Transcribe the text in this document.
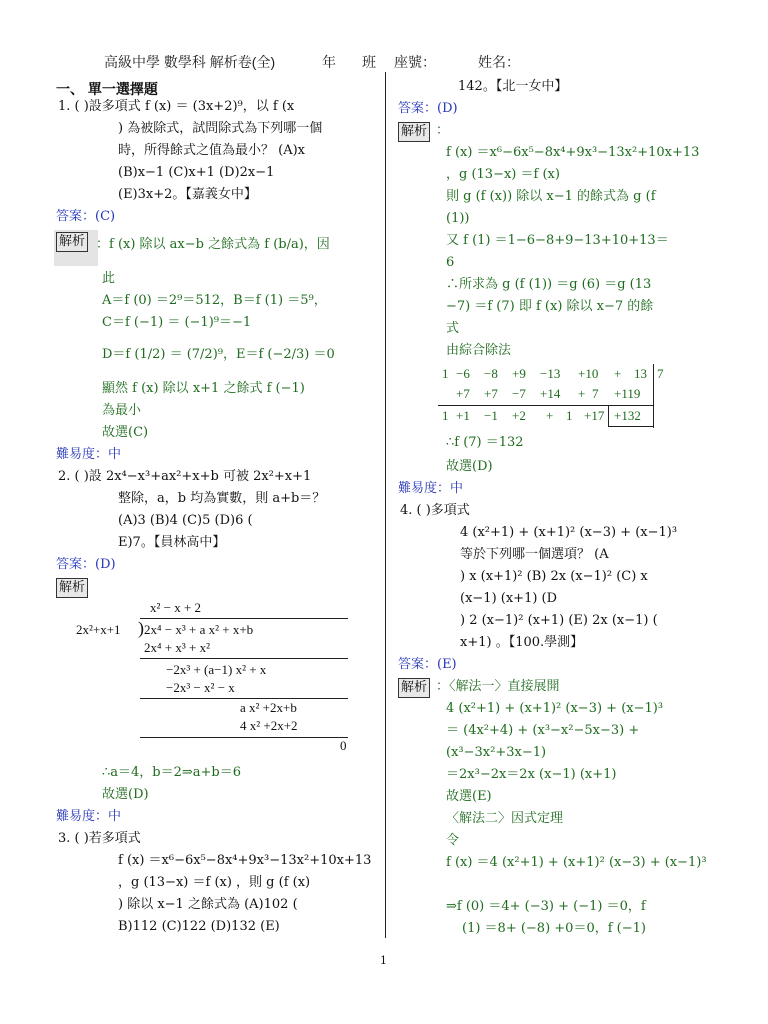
高級中學 數學科 解析卷(全)	年 班 座號：	姓名：
一、 單一選擇題
1. ( )設多項式 f (x) ＝ (3x+2)⁹，以 f (x
) 為被除式，試問除式為下列哪一個
時，所得餘式之值為最小？ (A)x
(B)x−1 (C)x+1 (D)2x−1
(E)3x+2。【嘉義女中】
答案：(C)
解析 ：f (x) 除以 ax−b 之餘式為 f (b/a)，因
此
A＝f (0) ＝2⁹＝512，B＝f (1) ＝5⁹，
C＝f (−1) ＝ (−1)⁹＝−1
D＝f (1/2) ＝ (7/2)⁹，E＝f (−2/3) ＝0
顯然 f (x) 除以 x+1 之餘式 f (−1)
為最小
故選(C)
難易度：中
2. ( )設 2x⁴−x³+ax²+x+b 可被 2x²+x+1
整除，a，b 均為實數，則 a+b＝？
(A)3 (B)4 (C)5 (D)6 (
E)7。【員林高中】
答案：(D)
解析
x² − x + 2
2x²+x+1 ) 2x⁴ − x³ + a x² + x+b
2x⁴ + x³ + x²
−2x³ + (a−1) x² + x
−2x³ − x² − x
a x² +2x+b
4 x² +2x+2
0
∴a＝4，b＝2⇒a+b＝6
故選(D)
難易度：中
3. ( )若多項式
f (x) ＝x⁶−6x⁵−8x⁴+9x³−13x²+10x+13
，g (13−x) ＝f (x) ，則 g (f (x)
) 除以 x−1 之餘式為 (A)102 (
B)112 (C)122 (D)132 (E)
142。【北一女中】
答案：(D)
解析 ：
f (x) ＝x⁶−6x⁵−8x⁴+9x³−13x²+10x+13
，g (13−x) ＝f (x)
則 g (f (x)) 除以 x−1 的餘式為 g (f
(1))
又 f (1) ＝1−6−8+9−13+10+13＝
6
∴所求為 g (f (1)) ＝g (6) ＝g (13
−7) ＝f (7) 即 f (x) 除以 x−7 的餘
式
由綜合除法
1 −6 −8 +9 −13 +10 + 13 7
+7 +7 −7 +14 + 7 +119
1 +1 −1 +2 + 1 +17 +132
∴f (7) ＝132
故選(D)
難易度：中
4. ( )多項式
4 (x²+1) + (x+1)² (x−3) + (x−1)³
等於下列哪一個選項？ (A
) x (x+1)² (B) 2x (x−1)² (C) x
(x−1) (x+1) (D
) 2 (x−1)² (x+1) (E) 2x (x−1) (
x+1) 。【100.學測】
答案：(E)
解析 ：〈解法一〉直接展開
4 (x²+1) + (x+1)² (x−3) + (x−1)³
＝ (4x²+4) + (x³−x²−5x−3) +
(x³−3x²+3x−1)
＝2x³−2x＝2x (x−1) (x+1)
故選(E)
〈解法二〉因式定理
令
f (x) ＝4 (x²+1) + (x+1)² (x−3) + (x−1)³
⇒f (0) ＝4+ (−3) + (−1) ＝0，f
(1) ＝8+ (−8) +0＝0，f (−1)
1
